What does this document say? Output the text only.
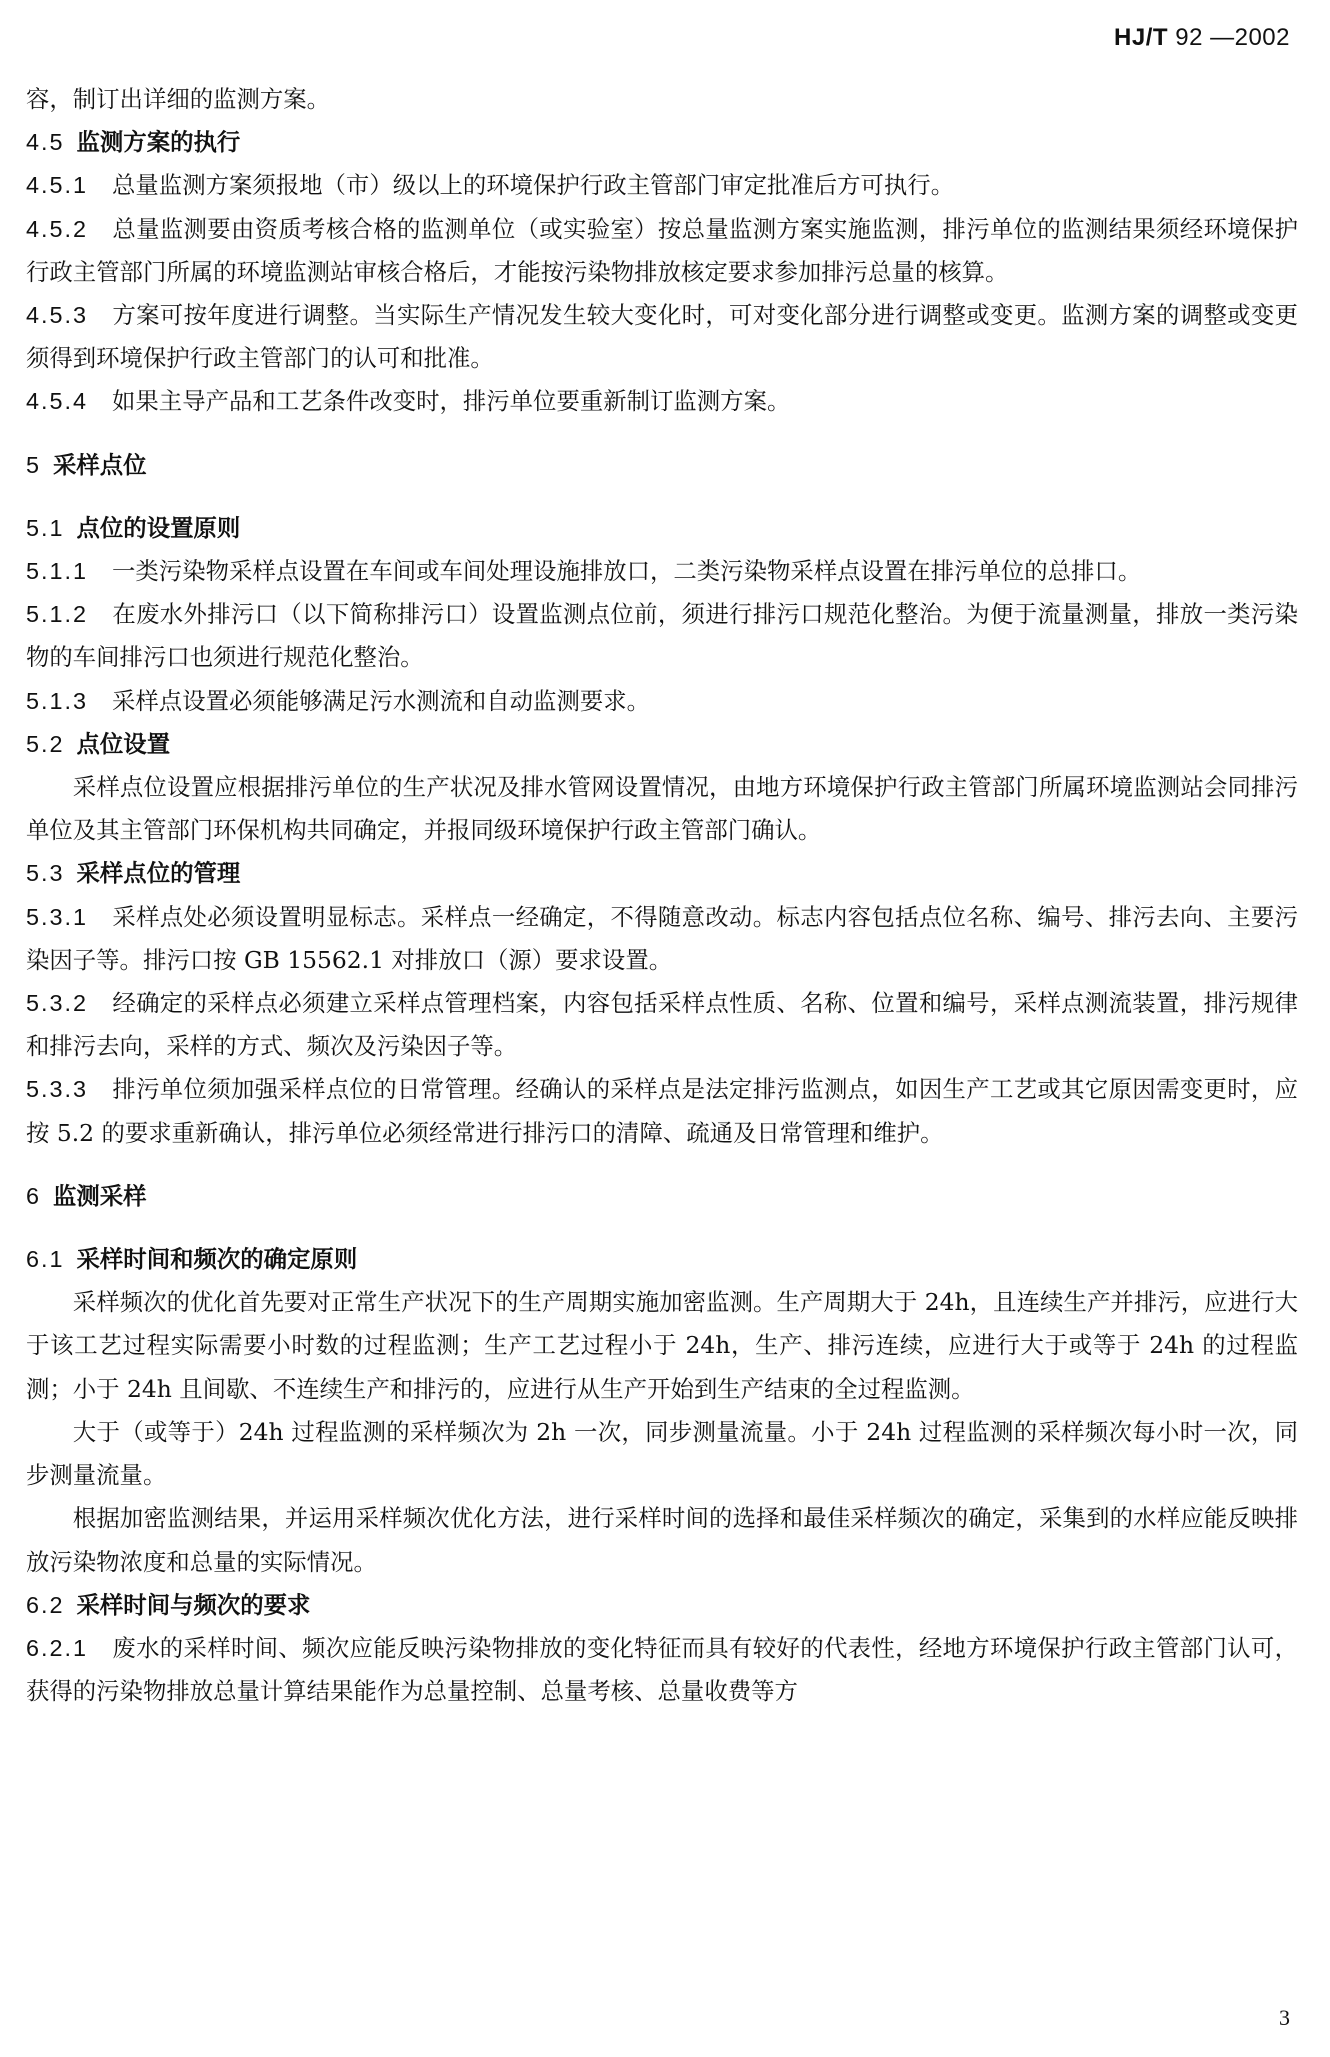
HJ/T 92 —2002
容，制订出详细的监测方案。
4.5 监测方案的执行
4.5.1 总量监测方案须报地（市）级以上的环境保护行政主管部门审定批准后方可执行。
4.5.2 总量监测要由资质考核合格的监测单位（或实验室）按总量监测方案实施监测，排污单位的监测结果须经环境保护行政主管部门所属的环境监测站审核合格后，才能按污染物排放核定要求参加排污总量的核算。
4.5.3 方案可按年度进行调整。当实际生产情况发生较大变化时，可对变化部分进行调整或变更。监测方案的调整或变更须得到环境保护行政主管部门的认可和批准。
4.5.4 如果主导产品和工艺条件改变时，排污单位要重新制订监测方案。
5 采样点位
5.1 点位的设置原则
5.1.1 一类污染物采样点设置在车间或车间处理设施排放口，二类污染物采样点设置在排污单位的总排口。
5.1.2 在废水外排污口（以下简称排污口）设置监测点位前，须进行排污口规范化整治。为便于流量测量，排放一类污染物的车间排污口也须进行规范化整治。
5.1.3 采样点设置必须能够满足污水测流和自动监测要求。
5.2 点位设置
采样点位设置应根据排污单位的生产状况及排水管网设置情况，由地方环境保护行政主管部门所属环境监测站会同排污单位及其主管部门环保机构共同确定，并报同级环境保护行政主管部门确认。
5.3 采样点位的管理
5.3.1 采样点处必须设置明显标志。采样点一经确定，不得随意改动。标志内容包括点位名称、编号、排污去向、主要污染因子等。排污口按 GB 15562.1 对排放口（源）要求设置。
5.3.2 经确定的采样点必须建立采样点管理档案，内容包括采样点性质、名称、位置和编号，采样点测流装置，排污规律和排污去向，采样的方式、频次及污染因子等。
5.3.3 排污单位须加强采样点位的日常管理。经确认的采样点是法定排污监测点，如因生产工艺或其它原因需变更时，应按 5.2 的要求重新确认，排污单位必须经常进行排污口的清障、疏通及日常管理和维护。
6 监测采样
6.1 采样时间和频次的确定原则
采样频次的优化首先要对正常生产状况下的生产周期实施加密监测。生产周期大于 24h，且连续生产并排污，应进行大于该工艺过程实际需要小时数的过程监测；生产工艺过程小于 24h，生产、排污连续，应进行大于或等于 24h 的过程监测；小于 24h 且间歇、不连续生产和排污的，应进行从生产开始到生产结束的全过程监测。
大于（或等于）24h 过程监测的采样频次为 2h 一次，同步测量流量。小于 24h 过程监测的采样频次每小时一次，同步测量流量。
根据加密监测结果，并运用采样频次优化方法，进行采样时间的选择和最佳采样频次的确定，采集到的水样应能反映排放污染物浓度和总量的实际情况。
6.2 采样时间与频次的要求
6.2.1 废水的采样时间、频次应能反映污染物排放的变化特征而具有较好的代表性，经地方环境保护行政主管部门认可，获得的污染物排放总量计算结果能作为总量控制、总量考核、总量收费等方
3
